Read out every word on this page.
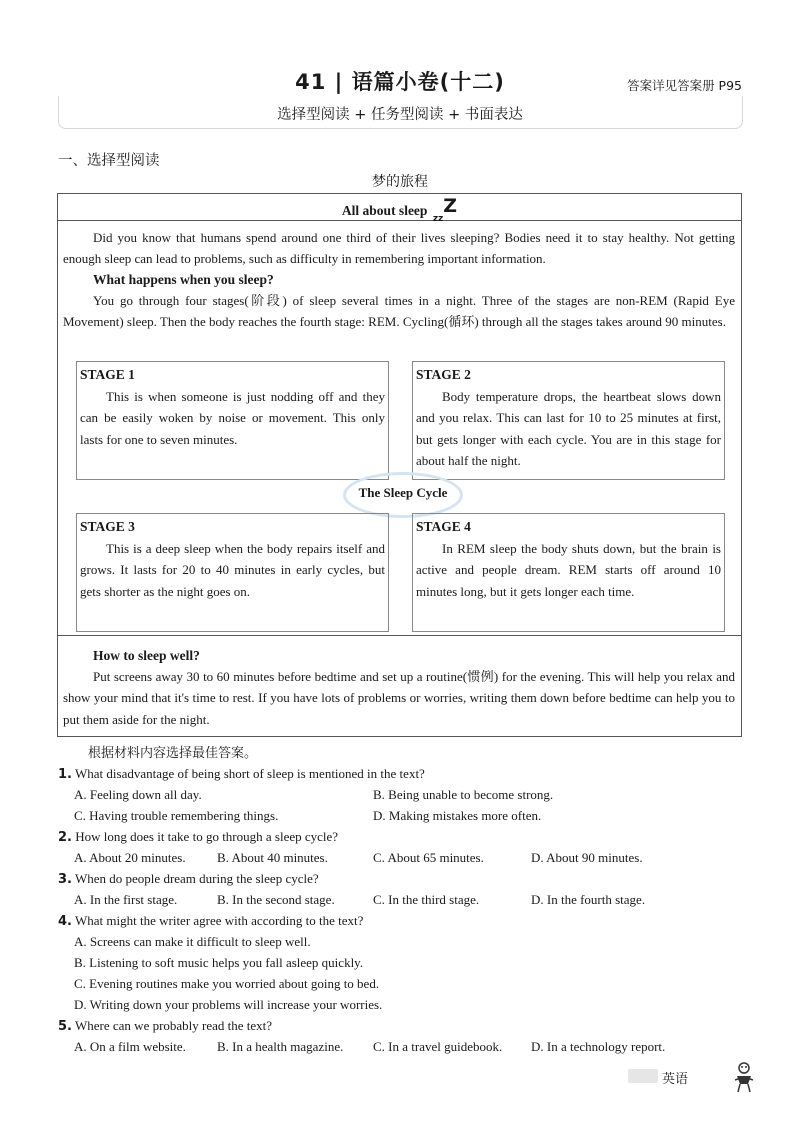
41 | 语篇小卷(十二)	答案详见答案册 P95
选择型阅读 + 任务型阅读 + 书面表达
一、选择型阅读
梦的旅程
All about sleep $_{zz}$Z
Did you know that humans spend around one third of their lives sleeping? Bodies need it to stay healthy. Not getting enough sleep can lead to problems, such as difficulty in remembering important information.
What happens when you sleep?
You go through four stages(阶段) of sleep several times in a night. Three of the stages are non-REM (Rapid Eye Movement) sleep. Then the body reaches the fourth stage: REM. Cycling(循环) through all the stages takes around 90 minutes.
STAGE 1
This is when someone is just nodding off and they can be easily woken by noise or movement. This only lasts for one to seven minutes.
STAGE 2
Body temperature drops, the heartbeat slows down and you relax. This can last for 10 to 25 minutes at first, but gets longer with each cycle. You are in this stage for about half the night.
The Sleep Cycle
STAGE 3
This is a deep sleep when the body repairs itself and grows. It lasts for 20 to 40 minutes in early cycles, but gets shorter as the night goes on.
STAGE 4
In REM sleep the body shuts down, but the brain is active and people dream. REM starts off around 10 minutes long, but it gets longer each time.
How to sleep well?
Put screens away 30 to 60 minutes before bedtime and set up a routine(惯例) for the evening. This will help you relax and show your mind that it's time to rest. If you have lots of problems or worries, writing them down before bedtime can help you to put them aside for the night.
根据材料内容选择最佳答案。
1. What disadvantage of being short of sleep is mentioned in the text?
A. Feeling down all day.	B. Being unable to become strong.
C. Having trouble remembering things.	D. Making mistakes more often.
2. How long does it take to go through a sleep cycle?
A. About 20 minutes. B. About 40 minutes.	C. About 65 minutes.	D. About 90 minutes.
3. When do people dream during the sleep cycle?
A. In the first stage.	B. In the second stage.	C. In the third stage.	D. In the fourth stage.
4. What might the writer agree with according to the text?
A. Screens can make it difficult to sleep well.
B. Listening to soft music helps you fall asleep quickly.
C. Evening routines make you worried about going to bed.
D. Writing down your problems will increase your worries.
5. Where can we probably read the text?
A. On a film website. B. In a health magazine. C. In a travel guidebook. D. In a technology report.
英语
